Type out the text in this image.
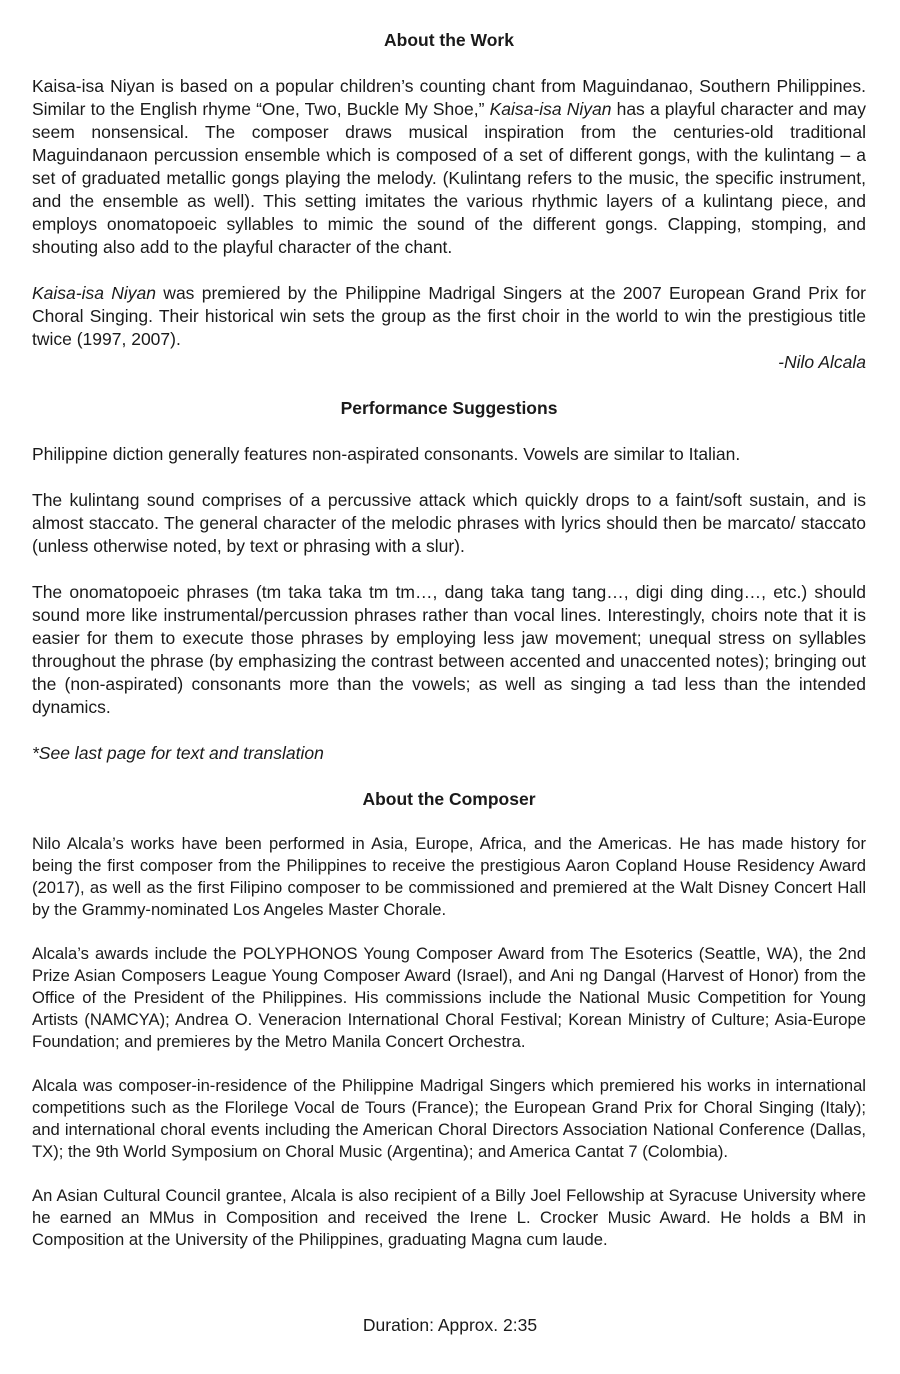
About the Work

Kaisa-isa Niyan is based on a popular children’s counting chant from Maguindanao, Southern Philippines. Similar to the English rhyme “One, Two, Buckle My Shoe,” Kaisa-isa Niyan has a playful character and may seem nonsensical. The composer draws musical inspiration from the centuries-old traditional Maguindanaon percussion ensemble which is composed of a set of different gongs, with the kulintang – a set of graduated metallic gongs playing the melody. (Kulintang refers to the music, the specific instrument, and the ensemble as well). This setting imitates the various rhythmic layers of a kulintang piece, and employs onomatopoeic syllables to mimic the sound of the different gongs. Clapping, stomping, and shouting also add to the playful character of the chant.

Kaisa-isa Niyan was premiered by the Philippine Madrigal Singers at the 2007 European Grand Prix for Choral Singing. Their historical win sets the group as the first choir in the world to win the prestigious title twice (1997, 2007).

-Nilo Alcala
Performance Suggestions

Philippine diction generally features non-aspirated consonants. Vowels are similar to Italian.

The kulintang sound comprises of a percussive attack which quickly drops to a faint/soft sustain, and is almost staccato. The general character of the melodic phrases with lyrics should then be marcato/ staccato (unless otherwise noted, by text or phrasing with a slur).

The onomatopoeic phrases (tm taka taka tm tm…, dang taka tang tang…, digi ding ding…, etc.) should sound more like instrumental/percussion phrases rather than vocal lines. Interestingly, choirs note that it is easier for them to execute those phrases by employing less jaw movement; unequal stress on syllables throughout the phrase (by emphasizing the contrast between accented and unaccented notes); bringing out the (non-aspirated) consonants more than the vowels; as well as singing a tad less than the intended dynamics.

*See last page for text and translation

About the Composer

Nilo Alcala’s works have been performed in Asia, Europe, Africa, and the Americas. He has made history for being the first composer from the Philippines to receive the prestigious Aaron Copland House Residency Award (2017), as well as the first Filipino composer to be commissioned and premiered at the Walt Disney Concert Hall by the Grammy-nominated Los Angeles Master Chorale.

Alcala’s awards include the POLYPHONOS Young Composer Award from The Esoterics (Seattle, WA), the 2nd Prize Asian Composers League Young Composer Award (Israel), and Ani ng Dangal (Harvest of Honor) from the Office of the President of the Philippines. His commissions include the National Music Competition for Young Artists (NAMCYA); Andrea O. Veneracion International Choral Festival; Korean Ministry of Culture; Asia-Europe Foundation; and premieres by the Metro Manila Concert Orchestra.

Alcala was composer-in-residence of the Philippine Madrigal Singers which premiered his works in international competitions such as the Florilege Vocal de Tours (France); the European Grand Prix for Choral Singing (Italy); and international choral events including the American Choral Directors Association National Conference (Dallas, TX); the 9th World Symposium on Choral Music (Argentina); and America Cantat 7 (Colombia).

An Asian Cultural Council grantee, Alcala is also recipient of a Billy Joel Fellowship at Syracuse University where he earned an MMus in Composition and received the Irene L. Crocker Music Award. He holds a BM in Composition at the University of the Philippines, graduating Magna cum laude.

Duration: Approx. 2:35
